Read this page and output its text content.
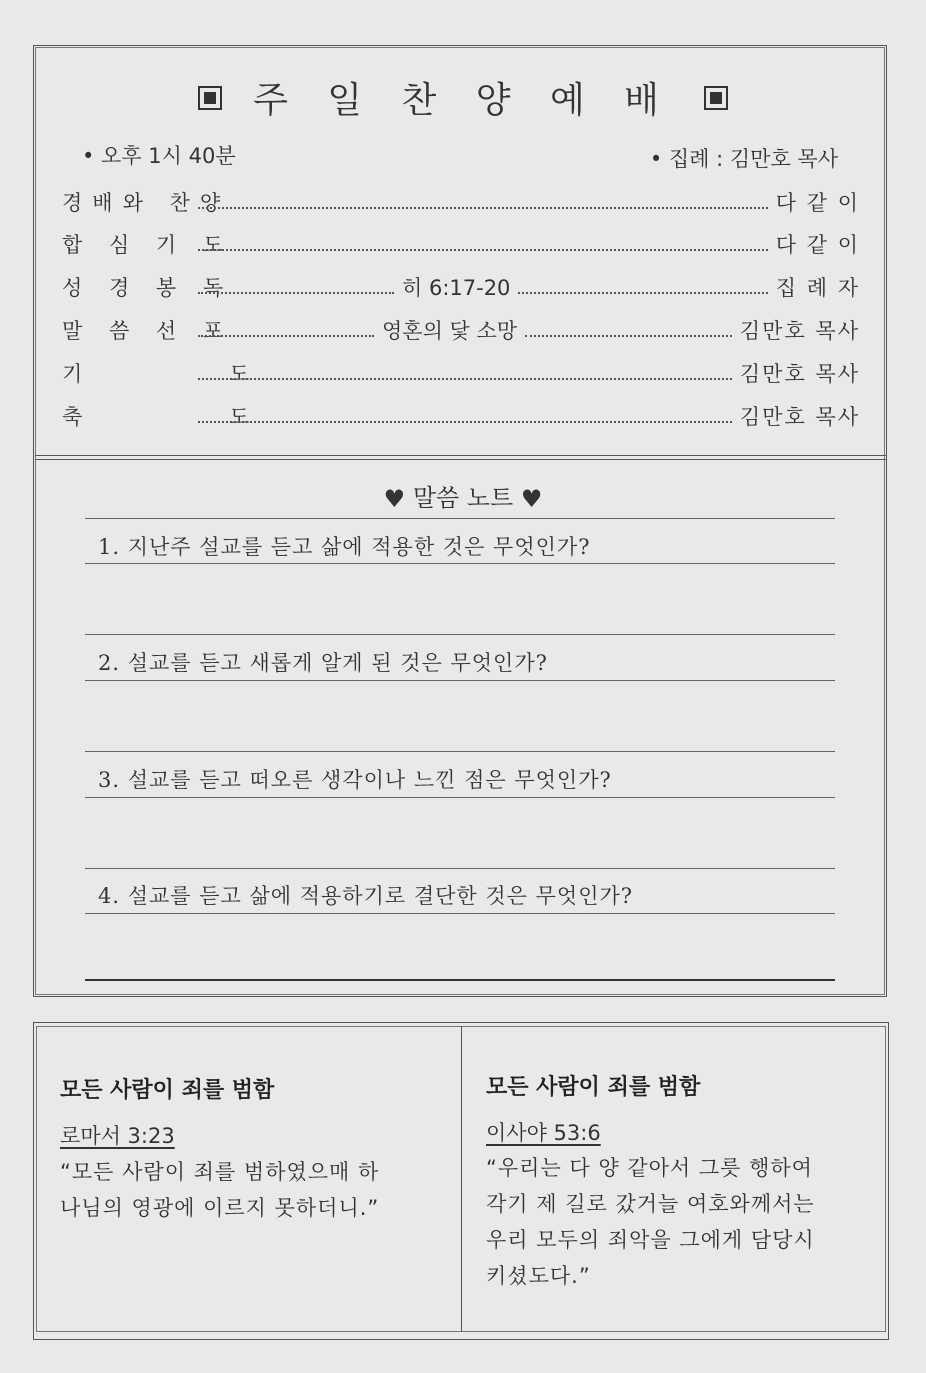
주 일 찬 양 예 배
• 오후 1시 40분	• 집례 : 김만호 목사
경배와 찬양	다 같 이
합 심 기 도	다 같 이
성 경 봉 독	히 6:17-20	집 례 자
말 씀 선 포	영혼의 닻 소망	김만호 목사
기 도	김만호 목사
축 도	김만호 목사
♥ 말씀 노트 ♥
1. 지난주 설교를 듣고 삶에 적용한 것은 무엇인가?
2. 설교를 듣고 새롭게 알게 된 것은 무엇인가?
3. 설교를 듣고 떠오른 생각이나 느낀 점은 무엇인가?
4. 설교를 듣고 삶에 적용하기로 결단한 것은 무엇인가?
모든 사람이 죄를 범함
로마서 3:23
“모든 사람이 죄를 범하였으매 하
나님의 영광에 이르지 못하더니.”
모든 사람이 죄를 범함
이사야 53:6
“우리는 다 양 같아서 그릇 행하여
각기 제 길로 갔거늘 여호와께서는
우리 모두의 죄악을 그에게 담당시
키셨도다.”
